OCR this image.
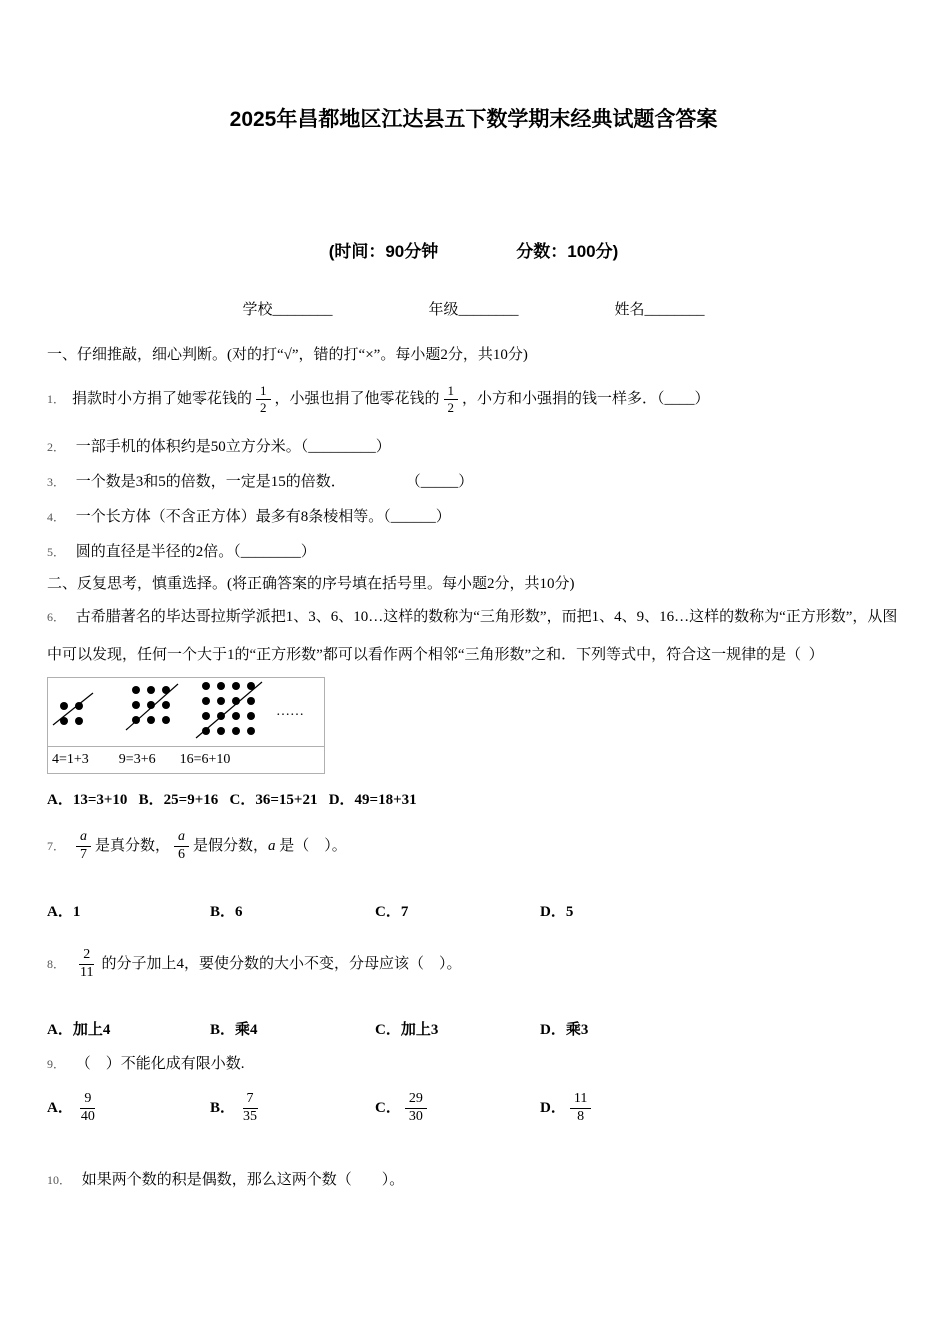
2025年昌都地区江达县五下数学期末经典试题含答案
(时间：90分钟	分数：100分)
学校________	年级________	姓名________

一、仔细推敲，细心判断。(对的打“√”，错的打“×”。每小题2分，共10分)

1． 捐款时小方捐了她零花钱的 $\frac{1}{2}$ ，小强也捐了他零花钱的 $\frac{1}{2}$ ，小方和小强捐的钱一样多．（____）

2． 一部手机的体积约是50立方分米。（_________）

3． 一个数是3和5的倍数，一定是15的倍数．　　　　　（_____）

4． 一个长方体（不含正方体）最多有8条棱相等。（______）

5． 圆的直径是半径的2倍。（________）

二、反复思考，慎重选择。(将正确答案的序号填在括号里。每小题2分，共10分)

6． 古希腊著名的毕达哥拉斯学派把1、3、6、10…这样的数称为“三角形数”，而把1、4、9、16…这样的数称为“正方形数”，从图中可以发现，任何一个大于1的“正方形数”都可以看作两个相邻“三角形数”之和．下列等式中，符合这一规律的是（  ）

……
4=1+3 9=3+6 16=6+10

A．13=3+10   B．25=9+16   C．36=15+21   D．49=18+31

7． $\frac{a}{7}$ 是真分数， $\frac{a}{6}$ 是假分数， a 是（　）。

A．1	B．6	C．7	D．5

8． $\frac{2}{11}$ 的分子加上4，要使分数的大小不变，分母应该（　）。

A．加上4	B．乘4	C．加上3	D．乘3

9． （　）不能化成有限小数.

A． $\frac{9}{40}$	B． $\frac{7}{35}$	C． $\frac{29}{30}$	D． $\frac{11}{8}$

10． 如果两个数的积是偶数，那么这两个数（　　）。
